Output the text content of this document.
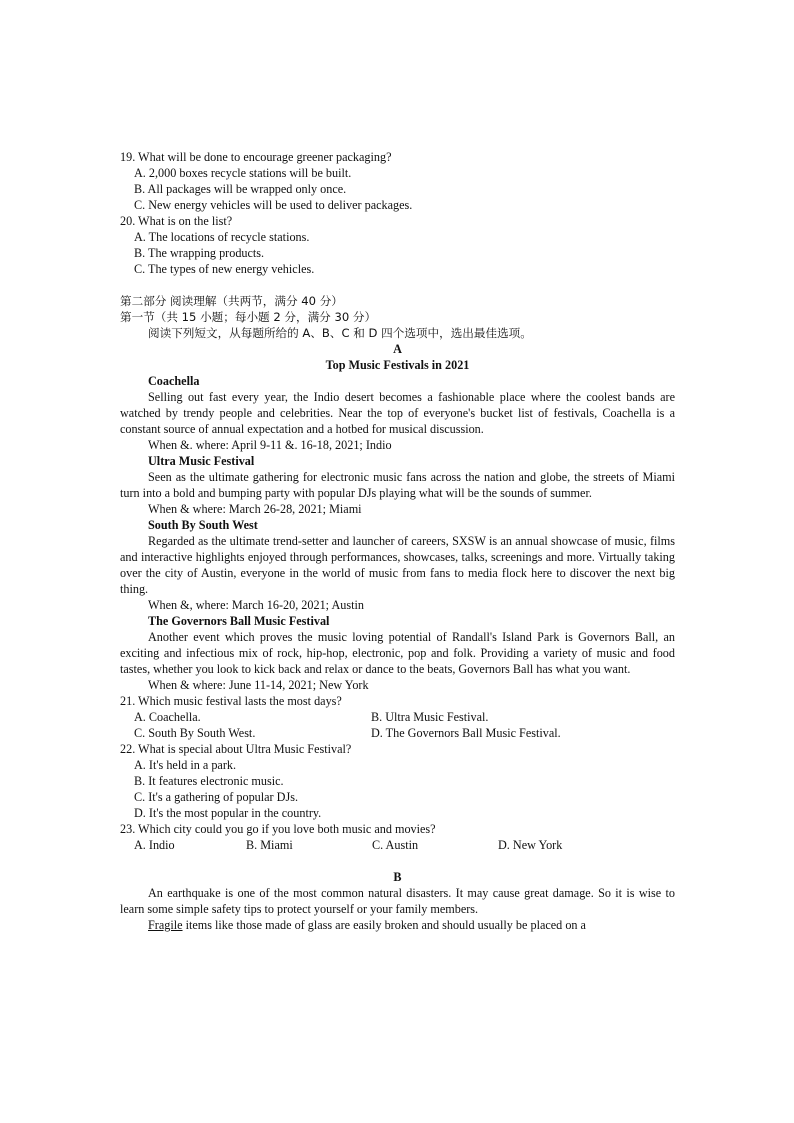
19. What will be done to encourage greener packaging?
A. 2,000 boxes recycle stations will be built.
B. All packages will be wrapped only once.
C. New energy vehicles will be used to deliver packages.
20. What is on the list?
A. The locations of recycle stations.
B. The wrapping products.
C. The types of new energy vehicles.
第二部分 阅读理解（共两节，满分 40 分）
第一节（共 15 小题；每小题 2 分，满分 30 分）
阅读下列短文，从每题所给的 A、B、C 和 D 四个选项中，选出最佳选项。
A
Top Music Festivals in 2021
Coachella
Selling out fast every year, the Indio desert becomes a fashionable place where the coolest bands are watched by trendy people and celebrities. Near the top of everyone's bucket list of festivals, Coachella is a constant source of annual expectation and a hotbed for musical discussion.
When &. where: April 9-11 &. 16-18, 2021; Indio
Ultra Music Festival
Seen as the ultimate gathering for electronic music fans across the nation and globe, the streets of Miami turn into a bold and bumping party with popular DJs playing what will be the sounds of summer.
When & where: March 26-28, 2021; Miami
South By South West
Regarded as the ultimate trend-setter and launcher of careers, SXSW is an annual showcase of music, films and interactive highlights enjoyed through performances, showcases, talks, screenings and more. Virtually taking over the city of Austin, everyone in the world of music from fans to media flock here to discover the next big thing.
When &, where: March 16-20, 2021; Austin
The Governors Ball Music Festival
Another event which proves the music loving potential of Randall's Island Park is Governors Ball, an exciting and infectious mix of rock, hip-hop, electronic, pop and folk. Providing a variety of music and food tastes, whether you look to kick back and relax or dance to the beats, Governors Ball has what you want.
When & where: June 11-14, 2021; New York
21. Which music festival lasts the most days?
A. Coachella.	B. Ultra Music Festival.
C. South By South West.	D. The Governors Ball Music Festival.
22. What is special about Ultra Music Festival?
A. It's held in a park.
B. It features electronic music.
C. It's a gathering of popular DJs.
D. It's the most popular in the country.
23. Which city could you go if you love both music and movies?
A. Indio	B. Miami	C. Austin	D. New York
B
An earthquake is one of the most common natural disasters. It may cause great damage. So it is wise to learn some simple safety tips to protect yourself or your family members.
Fragile items like those made of glass are easily broken and should usually be placed on a
